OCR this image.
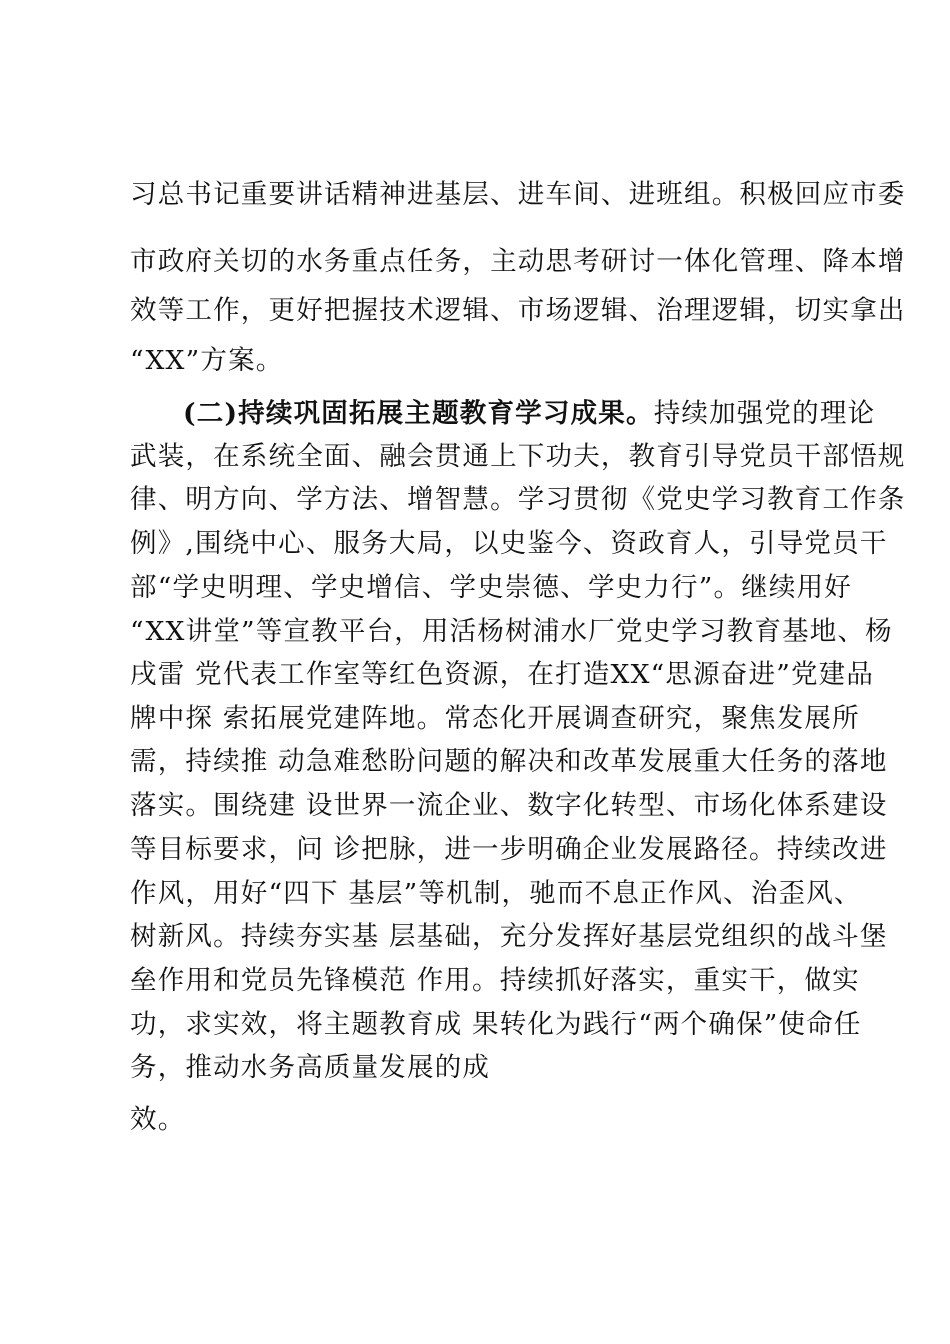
习总书记重要讲话精神进基层、进车间、进班组。积极回应市委
市政府关切的水务重点任务，主动思考研讨一体化管理、降本增
效等工作，更好把握技术逻辑、市场逻辑、治理逻辑，切实拿出
“XX”方案。
(二)持续巩固拓展主题教育学习成果。持续加强党的理论
武装，在系统全面、融会贯通上下功夫，教育引导党员干部悟规
律、明方向、学方法、增智慧。学习贯彻《党史学习教育工作条
例》,围绕中心、服务大局，以史鉴今、资政育人，引导党员干
部“学史明理、学史增信、学史崇德、学史力行”。继续用好
“XX讲堂”等宣教平台，用活杨树浦水厂党史学习教育基地、杨
戌雷 党代表工作室等红色资源，在打造XX“思源奋进”党建品
牌中探 索拓展党建阵地。常态化开展调查研究，聚焦发展所
需，持续推 动急难愁盼问题的解决和改革发展重大任务的落地
落实。围绕建 设世界一流企业、数字化转型、市场化体系建设
等目标要求，问 诊把脉，进一步明确企业发展路径。持续改进
作风，用好“四下 基层”等机制，驰而不息正作风、治歪风、
树新风。持续夯实基 层基础，充分发挥好基层党组织的战斗堡
垒作用和党员先锋模范 作用。持续抓好落实，重实干，做实
功，求实效，将主题教育成 果转化为践行“两个确保”使命任
务，推动水务高质量发展的成
效。
